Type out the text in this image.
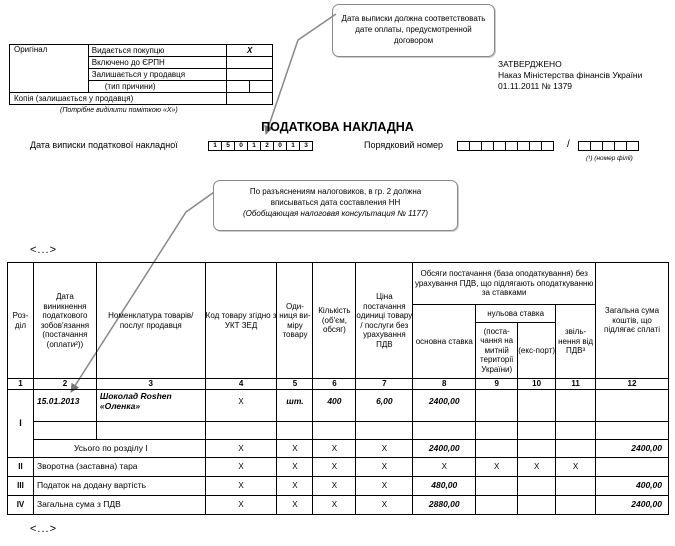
Дата выписки должна соответствовать дате оплаты, предусмотренной договором
Оригінал	Видається покупцю	X
	Включено до ЄРПН	
	Залишається у продавця	
	(тип причини)	

Копія (залишається у продавця)		
(Потрібне виділити поміткою «Х»)
ЗАТВЕРДЖЕНО
Наказ Міністерства фінансів України
01.11.2011 № 1379
ПОДАТКОВА НАКЛАДНА
Дата виписки податкової накладної	1	5	0	1	2	0	1	3	Порядковий номер	/
(¹) (номер філії)
По разъяснениям налоговиков, в гр. 2 должна
вписываться дата составления НН
(Обобщающая налоговая консультация № 1177)
<...>
Роз-діл	Дата виникнення податкового зобов'язання (постачання (оплати²))	Номенклатура товарів/ послуг продавця	Код товару згідно з УКТ ЗЕД	Оди-ниця ви-міру товару	Кількість (об'єм, обсяг)	Ціна постачання одиниці товару / послуги без урахування ПДВ	Обсяги постачання (база оподаткування) без урахування ПДВ, що підлягають оподаткуванню за ставками				Загальна сума коштів, що підлягає сплаті
							основна ставка	нульова ставка		звіль-нення від ПДВ³	
								(поста-чання на митній території України)	(екс-порт)		
1	2	3	4	5	6	7	8	9	10	11	12
I	15.01.2013	Шоколад Roshen «Оленка»	X	шт.	400	6,00	2400,00				

	Усього по розділу I		X	X	X	X	2400,00				2400,00
II	Зворотна (заставна) тара		X	X	X	X	X	X	X	X	
III	Податок на додану вартість		X	X	X	X	480,00				400,00
IV	Загальна сума з ПДВ		X	X	X	X	2880,00				2400,00
<...>
